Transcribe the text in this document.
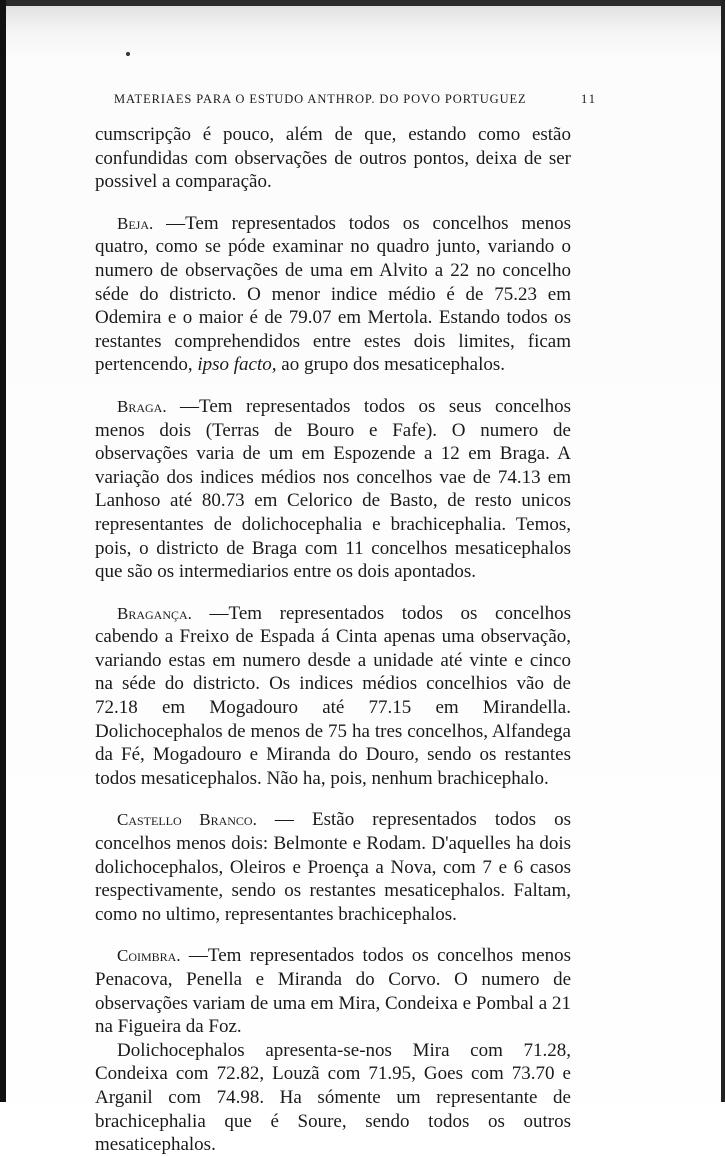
MATERIAES PARA O ESTUDO ANTHROP. DO POVO PORTUGUEZ	11

cumscripção é pouco, além de que, estando como estão confundidas com observações de outros pontos, deixa de ser possivel a comparação.

Beja. —Tem representados todos os concelhos menos quatro, como se póde examinar no quadro junto, variando o numero de observações de uma em Alvito a 22 no concelho séde do districto. O menor indice médio é de 75.23 em Odemira e o maior é de 79.07 em Mertola. Estando todos os restantes comprehendidos entre estes dois limites, ficam pertencendo, ipso facto, ao grupo dos mesaticephalos.

Braga. —Tem representados todos os seus concelhos menos dois (Terras de Bouro e Fafe). O numero de observações varia de um em Espozende a 12 em Braga. A variação dos indices médios nos concelhos vae de 74.13 em Lanhoso até 80.73 em Celorico de Basto, de resto unicos representantes de dolichocephalia e brachicephalia. Temos, pois, o districto de Braga com 11 concelhos mesaticephalos que são os intermediarios entre os dois apontados.

Bragança. —Tem representados todos os concelhos cabendo a Freixo de Espada á Cinta apenas uma observação, variando estas em numero desde a unidade até vinte e cinco na séde do districto. Os indices médios concelhios vão de 72.18 em Mogadouro até 77.15 em Mirandella. Dolichocephalos de menos de 75 ha tres concelhos, Alfandega da Fé, Mogadouro e Miranda do Douro, sendo os restantes todos mesaticephalos. Não ha, pois, nenhum brachicephalo.

Castello Branco. — Estão representados todos os concelhos menos dois: Belmonte e Rodam. D'aquelles ha dois dolichocephalos, Oleiros e Proença a Nova, com 7 e 6 casos respectivamente, sendo os restantes mesaticephalos. Faltam, como no ultimo, representantes brachicephalos.

Coimbra. —Tem representados todos os concelhos menos Penacova, Penella e Miranda do Corvo. O numero de observações variam de uma em Mira, Condeixa e Pombal a 21 na Figueira da Foz.

Dolichocephalos apresenta-se-nos Mira com 71.28, Condeixa com 72.82, Louzã com 71.95, Goes com 73.70 e Arganil com 74.98. Ha sómente um representante de brachicephalia que é Soure, sendo todos os outros mesaticephalos.
